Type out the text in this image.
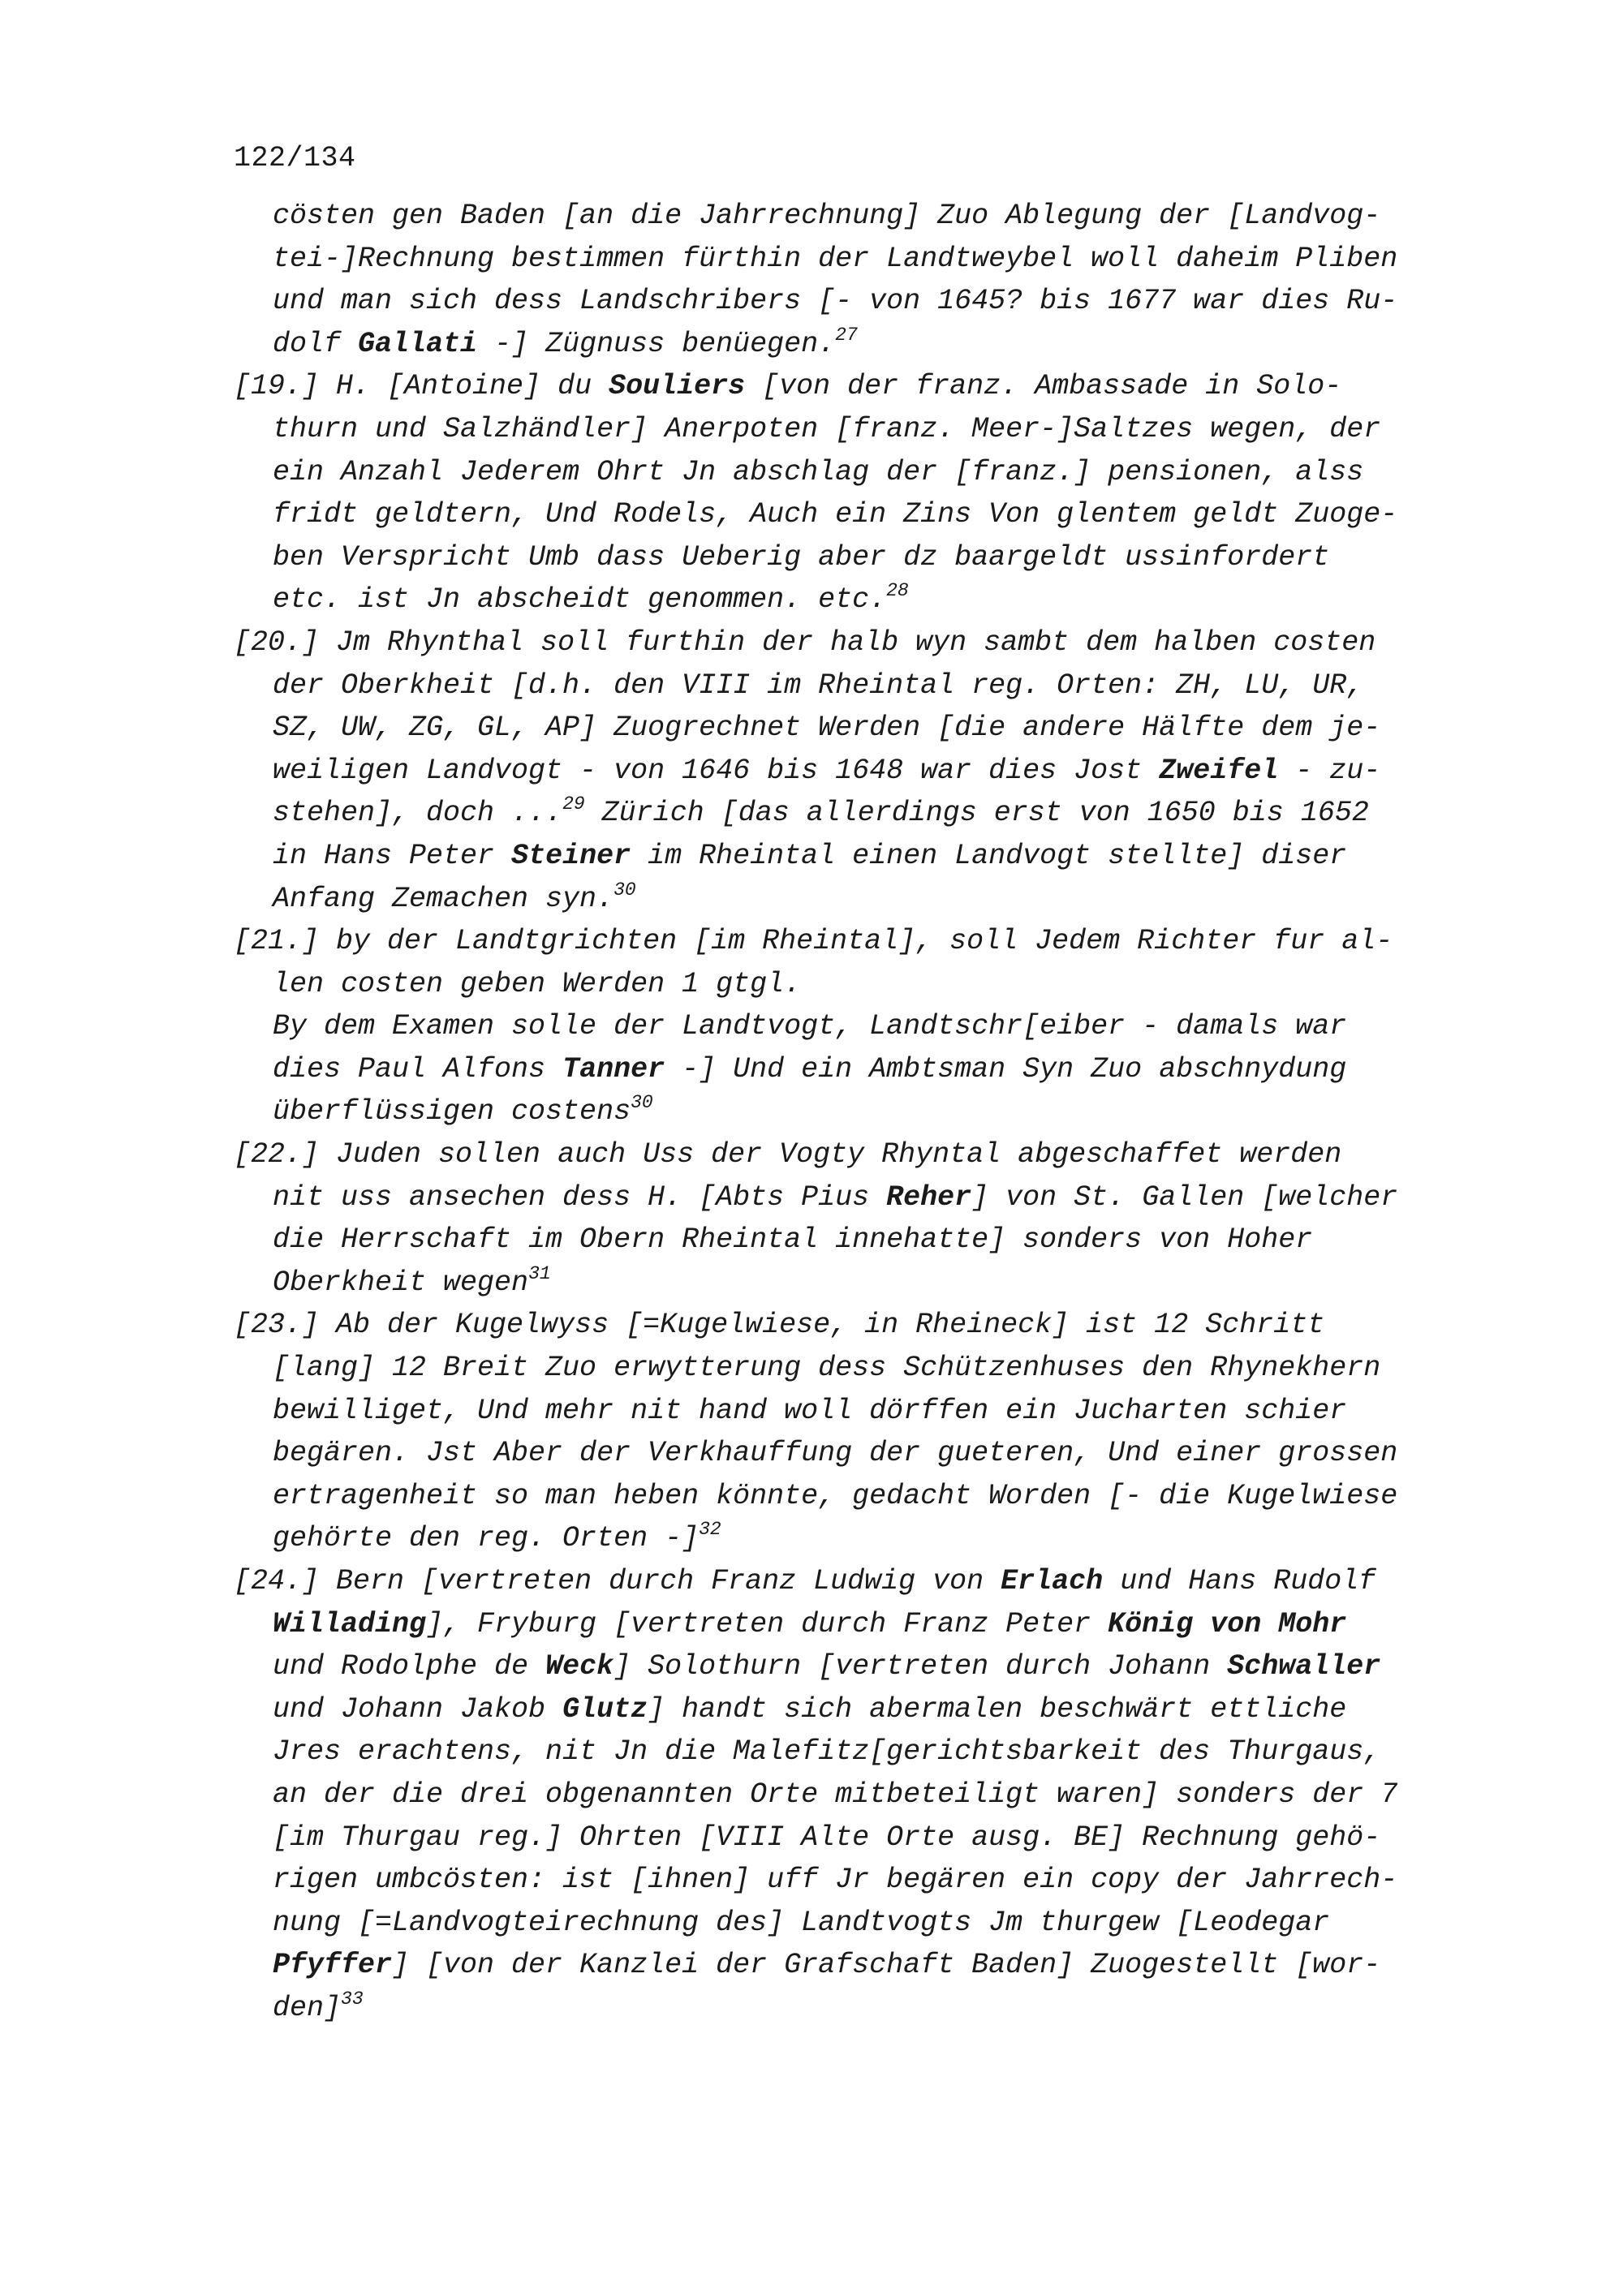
122/134
cösten gen Baden [an die Jahrrechnung] Zuo Ablegung der [Landvog-
tei-]Rechnung bestimmen fürthin der Landtweybel woll daheim Pliben
und man sich dess Landschribers [- von 1645? bis 1677 war dies Ru-
dolf Gallati -] Zügnuss benüegen.$^{27}$
[19.] H. [Antoine] du Souliers [von der franz. Ambassade in Solo-
thurn und Salzhändler] Anerpoten [franz. Meer-]Saltzes wegen, der
ein Anzahl Jederem Ohrt Jn abschlag der [franz.] pensionen, alss
fridt geldtern, Und Rodels, Auch ein Zins Von glentem geldt Zuoge-
ben Verspricht Umb dass Ueberig aber dz baargeldt ussinfordert
etc. ist Jn abscheidt genommen. etc.$^{28}$
[20.] Jm Rhynthal soll furthin der halb wyn sambt dem halben costen
der Oberkheit [d.h. den VIII im Rheintal reg. Orten: ZH, LU, UR,
SZ, UW, ZG, GL, AP] Zuogrechnet Werden [die andere Hälfte dem je-
weiligen Landvogt - von 1646 bis 1648 war dies Jost Zweifel - zu-
stehen], doch ...$^{29}$ Zürich [das allerdings erst von 1650 bis 1652
in Hans Peter Steiner im Rheintal einen Landvogt stellte] diser
Anfang Zemachen syn.$^{30}$
[21.] by der Landtgrichten [im Rheintal], soll Jedem Richter fur al-
len costen geben Werden 1 gtgl.
By dem Examen solle der Landtvogt, Landtschr[eiber - damals war
dies Paul Alfons Tanner -] Und ein Ambtsman Syn Zuo abschnydung
überflüssigen costens$^{30}$
[22.] Juden sollen auch Uss der Vogty Rhyntal abgeschaffet werden
nit uss ansechen dess H. [Abts Pius Reher] von St. Gallen [welcher
die Herrschaft im Obern Rheintal innehatte] sonders von Hoher
Oberkheit wegen$^{31}$
[23.] Ab der Kugelwyss [=Kugelwiese, in Rheineck] ist 12 Schritt
[lang] 12 Breit Zuo erwytterung dess Schützenhuses den Rhynekhern
bewilliget, Und mehr nit hand woll dörffen ein Jucharten schier
begären. Jst Aber der Verkhauffung der gueteren, Und einer grossen
ertragenheit so man heben könnte, gedacht Worden [- die Kugelwiese
gehörte den reg. Orten -]$^{32}$
[24.] Bern [vertreten durch Franz Ludwig von Erlach und Hans Rudolf
Willading], Fryburg [vertreten durch Franz Peter König von Mohr
und Rodolphe de Weck] Solothurn [vertreten durch Johann Schwaller
und Johann Jakob Glutz] handt sich abermalen beschwärt ettliche
Jres erachtens, nit Jn die Malefitz[gerichtsbarkeit des Thurgaus,
an der die drei obgenannten Orte mitbeteiligt waren] sonders der 7
[im Thurgau reg.] Ohrten [VIII Alte Orte ausg. BE] Rechnung gehö-
rigen umbcösten: ist [ihnen] uff Jr begären ein copy der Jahrrech-
nung [=Landvogteirechnung des] Landtvogts Jm thurgew [Leodegar
Pfyffer] [von der Kanzlei der Grafschaft Baden] Zuogestellt [wor-
den]$^{33}$
